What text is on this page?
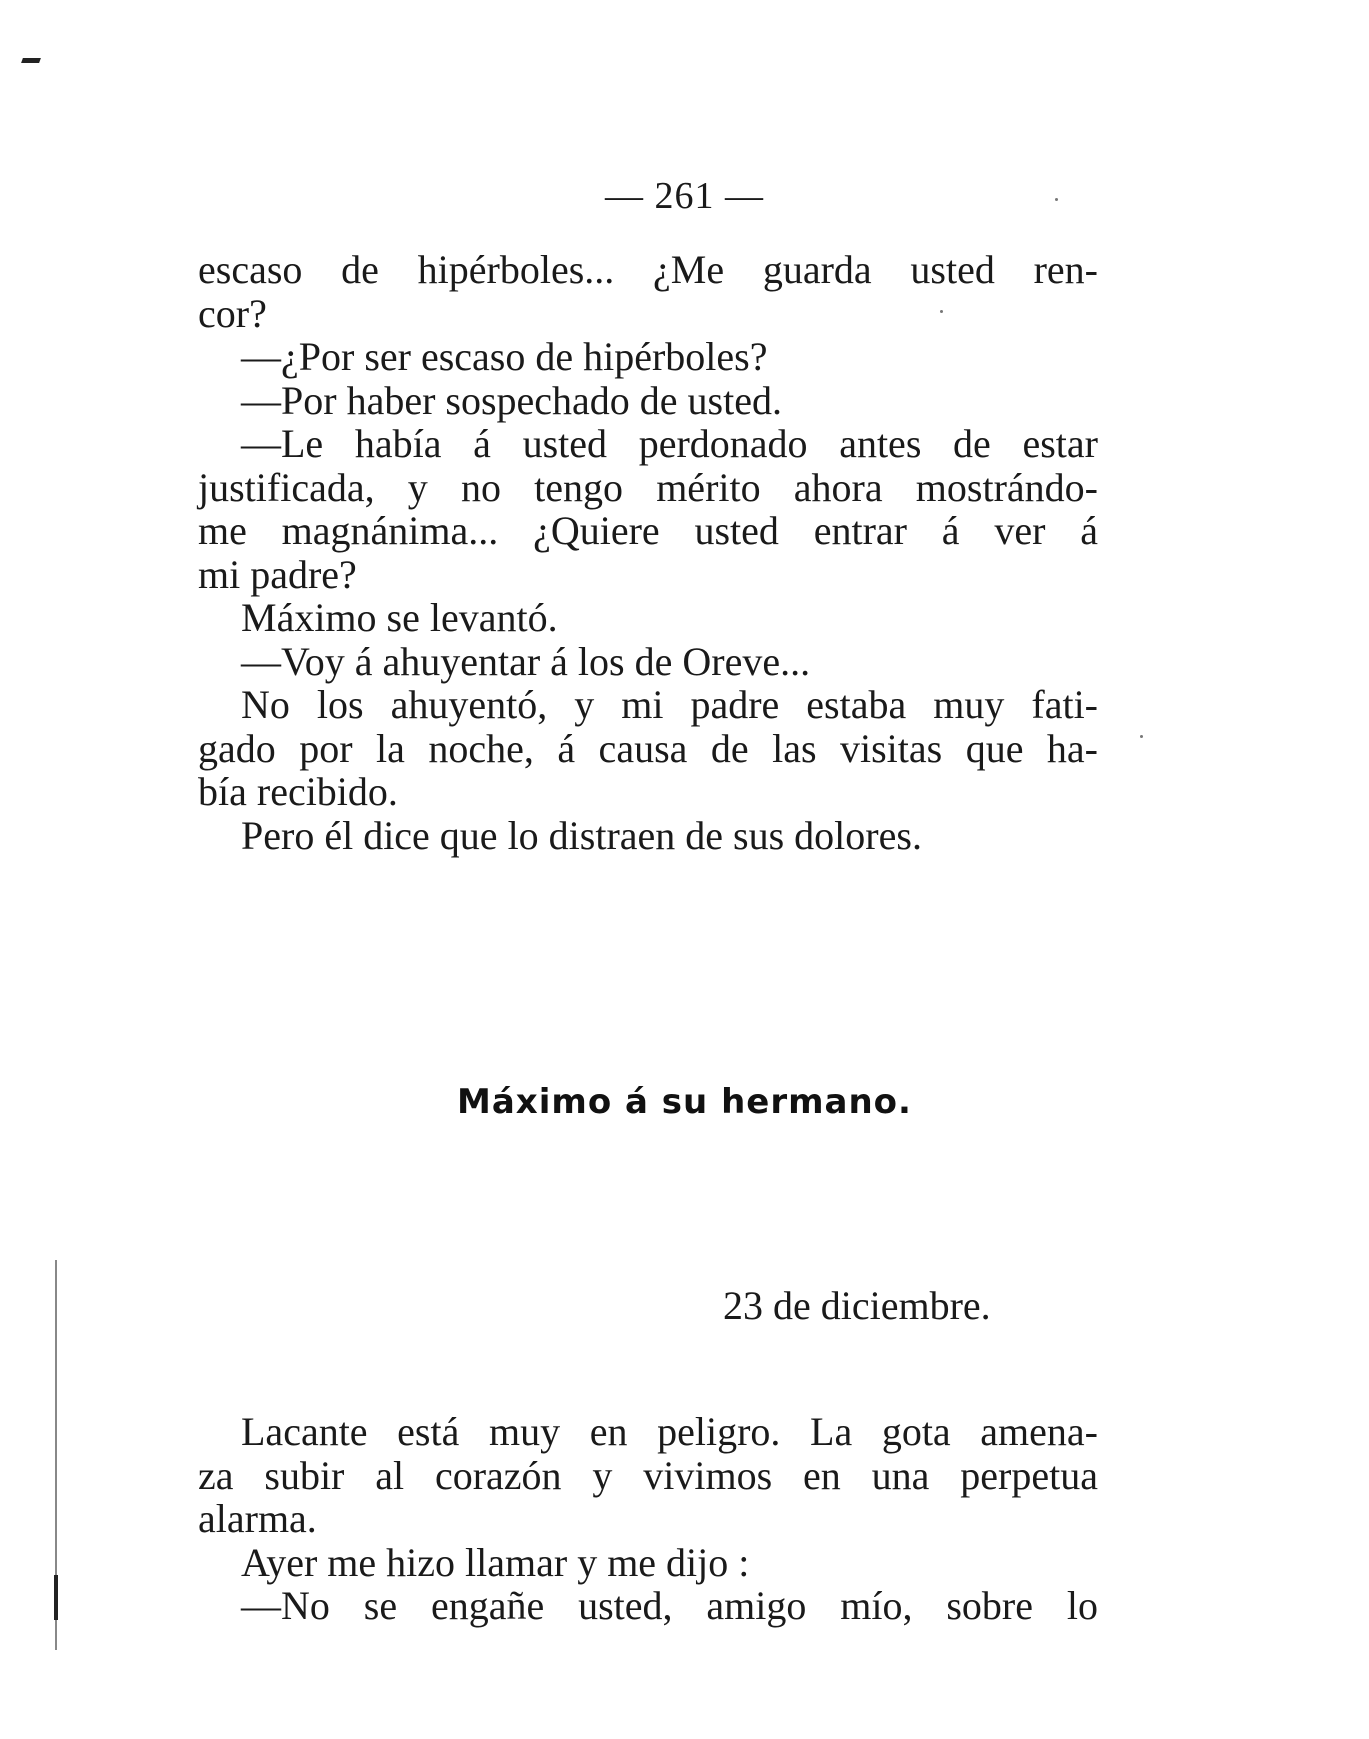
— 261 —
escaso de hipérboles... ¿Me guarda usted ren-
cor?
—¿Por ser escaso de hipérboles?
—Por haber sospechado de usted.
—Le había á usted perdonado antes de estar
justificada, y no tengo mérito ahora mostrándo-
me magnánima... ¿Quiere usted entrar á ver á
mi padre?
Máximo se levantó.
—Voy á ahuyentar á los de Oreve...
No los ahuyentó, y mi padre estaba muy fati-
gado por la noche, á causa de las visitas que ha-
bía recibido.
Pero él dice que lo distraen de sus dolores.
Máximo á su hermano.
23 de diciembre.
Lacante está muy en peligro. La gota amena-
za subir al corazón y vivimos en una perpetua
alarma.
Ayer me hizo llamar y me dijo :
—No se engañe usted, amigo mío, sobre lo
